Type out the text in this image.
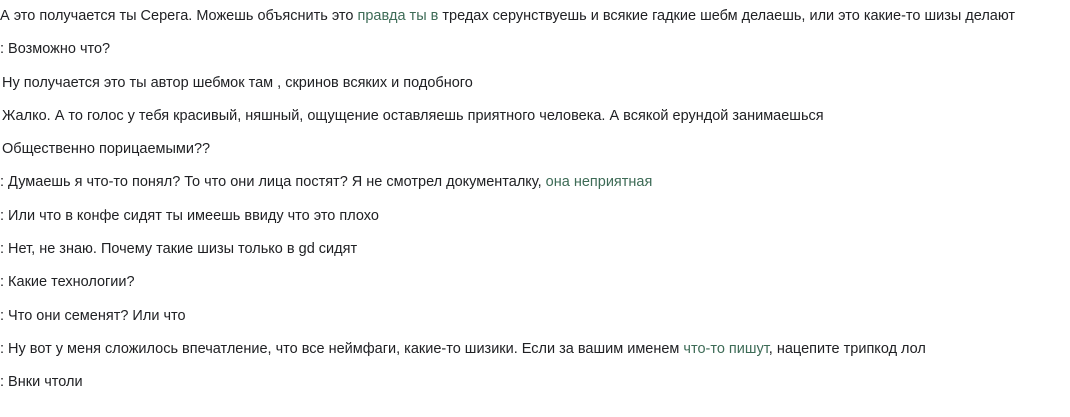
А это получается ты Серега. Можешь объяснить это правда ты в тредах серунствуешь и всякие гадкие шебм делаешь, или это какие-то шизы делают
: Возможно что?
Ну получается это ты автор шебмок там , скринов всяких и подобного
Жалко. А то голос у тебя красивый, няшный, ощущение оставляешь приятного человека. А всякой ерундой занимаешься
Общественно порицаемыми??
: Думаешь я что-то понял? То что они лица постят? Я не смотрел документалку, она неприятная
: Или что в конфе сидят ты имеешь ввиду что это плохо
: Нет, не знаю. Почему такие шизы только в gd сидят
: Какие технологии?
: Что они семенят? Или что
: Ну вот у меня сложилось впечатление, что все неймфаги, какие-то шизики. Если за вашим именем что-то пишут, нацепите трипкод лол
: Внки чтоли
